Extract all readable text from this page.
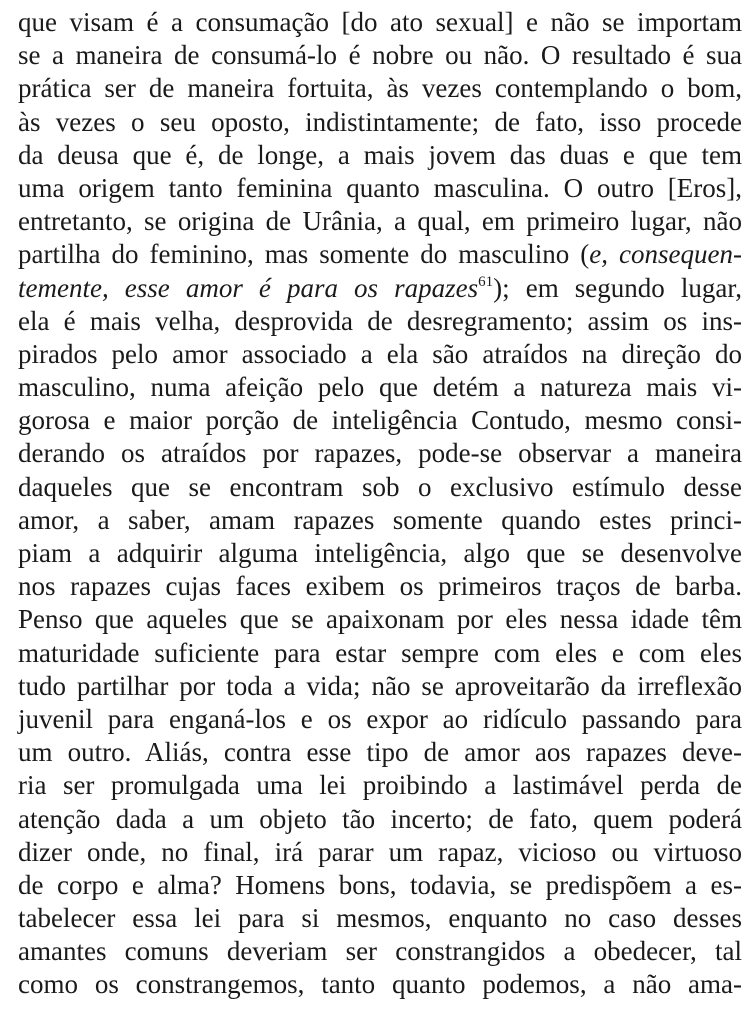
que visam é a consumação [do ato sexual] e não se importam
se a maneira de consumá-lo é nobre ou não. O resultado é sua
prática ser de maneira fortuita, às vezes contemplando o bom,
às vezes o seu oposto, indistintamente; de fato, isso procede
da deusa que é, de longe, a mais jovem das duas e que tem
uma origem tanto feminina quanto masculina. O outro [Eros],
entretanto, se origina de Urânia, a qual, em primeiro lugar, não
partilha do feminino, mas somente do masculino (e, consequen-
temente, esse amor é para os rapazes$^{61}$); em segundo lugar,
ela é mais velha, desprovida de desregramento; assim os ins-
pirados pelo amor associado a ela são atraídos na direção do
masculino, numa afeição pelo que detém a natureza mais vi-
gorosa e maior porção de inteligência Contudo, mesmo consi-
derando os atraídos por rapazes, pode-se observar a maneira
daqueles que se encontram sob o exclusivo estímulo desse
amor, a saber, amam rapazes somente quando estes princi-
piam a adquirir alguma inteligência, algo que se desenvolve
nos rapazes cujas faces exibem os primeiros traços de barba.
Penso que aqueles que se apaixonam por eles nessa idade têm
maturidade suficiente para estar sempre com eles e com eles
tudo partilhar por toda a vida; não se aproveitarão da irreflexão
juvenil para enganá-los e os expor ao ridículo passando para
um outro. Aliás, contra esse tipo de amor aos rapazes deve-
ria ser promulgada uma lei proibindo a lastimável perda de
atenção dada a um objeto tão incerto; de fato, quem poderá
dizer onde, no final, irá parar um rapaz, vicioso ou virtuoso
de corpo e alma? Homens bons, todavia, se predispõem a es-
tabelecer essa lei para si mesmos, enquanto no caso desses
amantes comuns deveriam ser constrangidos a obedecer, tal
como os constrangemos, tanto quanto podemos, a não ama-
